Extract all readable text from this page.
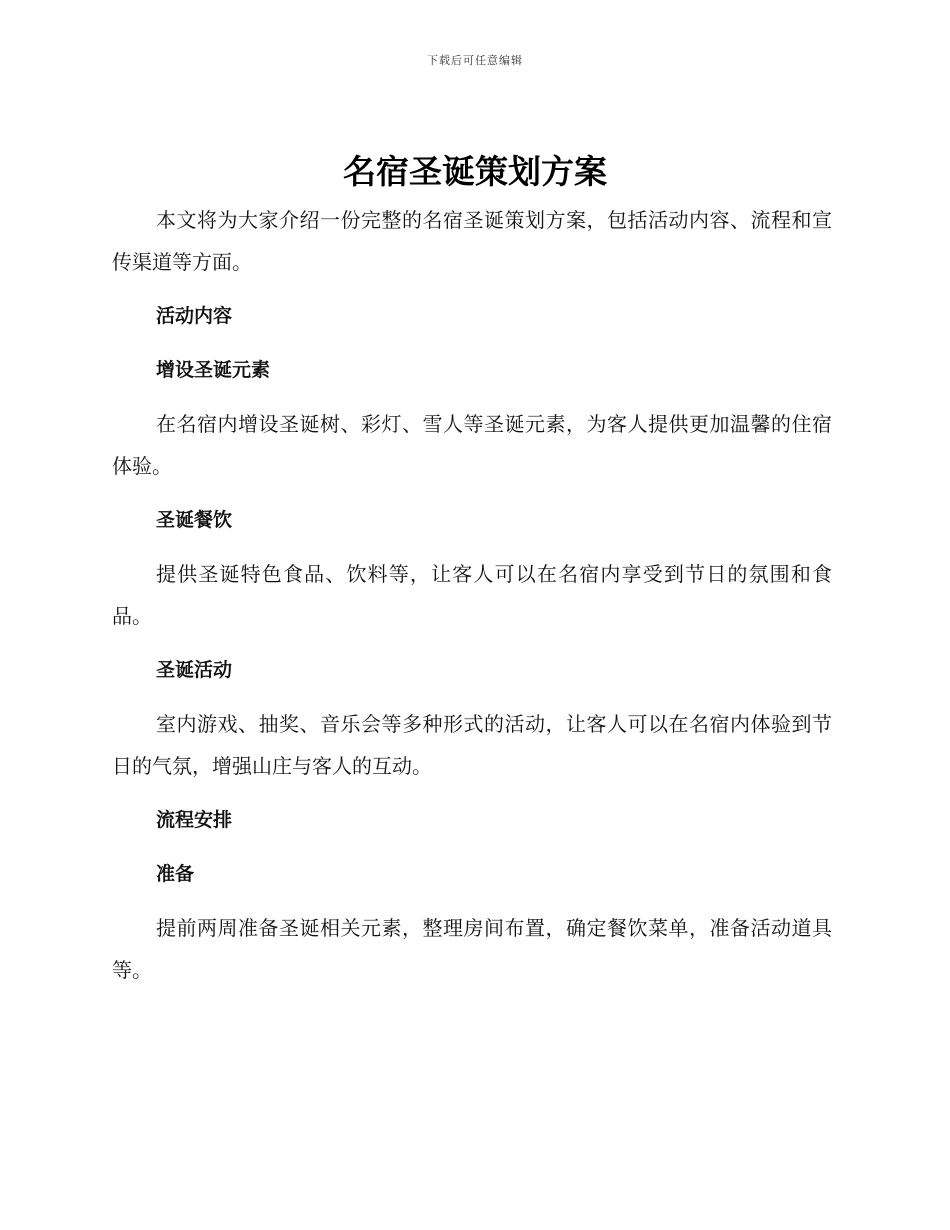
下载后可任意编辑
名宿圣诞策划方案

本文将为大家介绍一份完整的名宿圣诞策划方案，包括活动内容、流程和宣传渠道等方面。

活动内容

增设圣诞元素

在名宿内增设圣诞树、彩灯、雪人等圣诞元素，为客人提供更加温馨的住宿体验。

圣诞餐饮

提供圣诞特色食品、饮料等，让客人可以在名宿内享受到节日的氛围和食品。

圣诞活动

室内游戏、抽奖、音乐会等多种形式的活动，让客人可以在名宿内体验到节日的气氛，增强山庄与客人的互动。

流程安排

准备

提前两周准备圣诞相关元素，整理房间布置，确定餐饮菜单，准备活动道具等。
